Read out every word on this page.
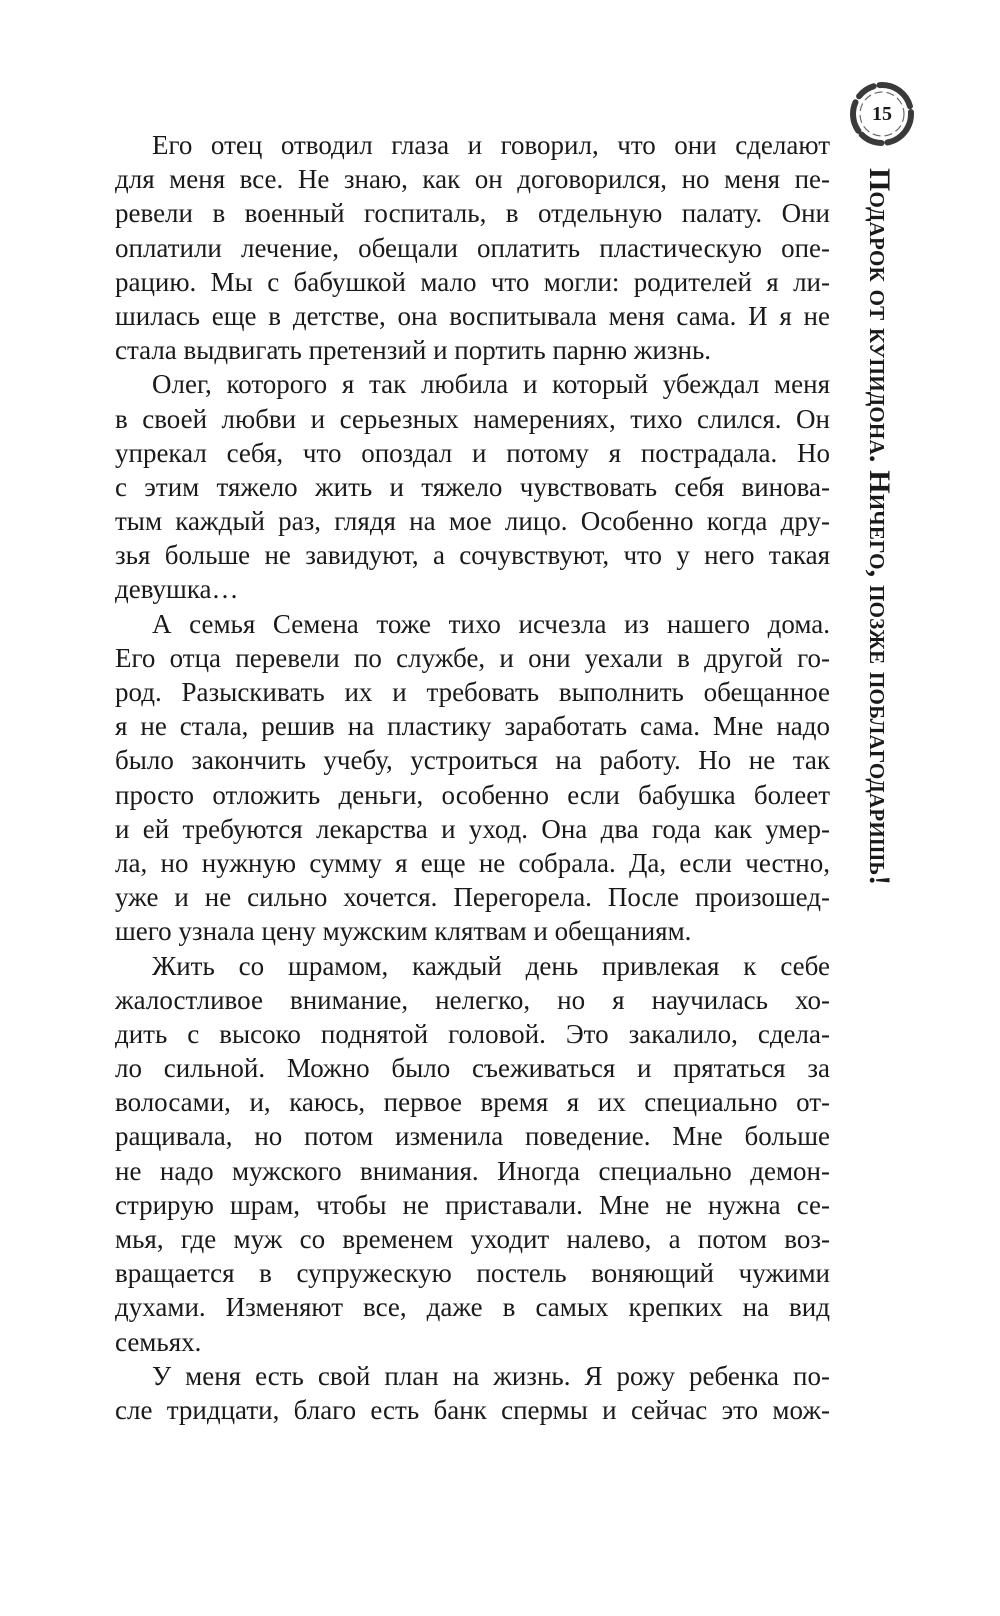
15
Подарок от купидона. Ничего, позже поблагодаришь!
Его отец отводил глаза и говорил, что они сделают
для меня все. Не знаю, как он договорился, но меня пе-
ревели в военный госпиталь, в отдельную палату. Они
оплатили лечение, обещали оплатить пластическую опе-
рацию. Мы с бабушкой мало что могли: родителей я ли-
шилась еще в детстве, она воспитывала меня сама. И я не
стала выдвигать претензий и портить парню жизнь.
Олег, которого я так любила и который убеждал меня
в своей любви и серьезных намерениях, тихо слился. Он
упрекал себя, что опоздал и потому я пострадала. Но
с этим тяжело жить и тяжело чувствовать себя винова-
тым каждый раз, глядя на мое лицо. Особенно когда дру-
зья больше не завидуют, а сочувствуют, что у него такая
девушка…
А семья Семена тоже тихо исчезла из нашего дома.
Его отца перевели по службе, и они уехали в другой го-
род. Разыскивать их и требовать выполнить обещанное
я не стала, решив на пластику заработать сама. Мне надо
было закончить учебу, устроиться на работу. Но не так
просто отложить деньги, особенно если бабушка болеет
и ей требуются лекарства и уход. Она два года как умер-
ла, но нужную сумму я еще не собрала. Да, если честно,
уже и не сильно хочется. Перегорела. После произошед-
шего узнала цену мужским клятвам и обещаниям.
Жить со шрамом, каждый день привлекая к себе
жалостливое внимание, нелегко, но я научилась хо-
дить с высоко поднятой головой. Это закалило, сдела-
ло сильной. Можно было съеживаться и прятаться за
волосами, и, каюсь, первое время я их специально от-
ращивала, но потом изменила поведение. Мне больше
не надо мужского внимания. Иногда специально демон-
стрирую шрам, чтобы не приставали. Мне не нужна се-
мья, где муж со временем уходит налево, а потом воз-
вращается в супружескую постель воняющий чужими
духами. Изменяют все, даже в самых крепких на вид
семьях.
У меня есть свой план на жизнь. Я рожу ребенка по-
сле тридцати, благо есть банк спермы и сейчас это мож-
